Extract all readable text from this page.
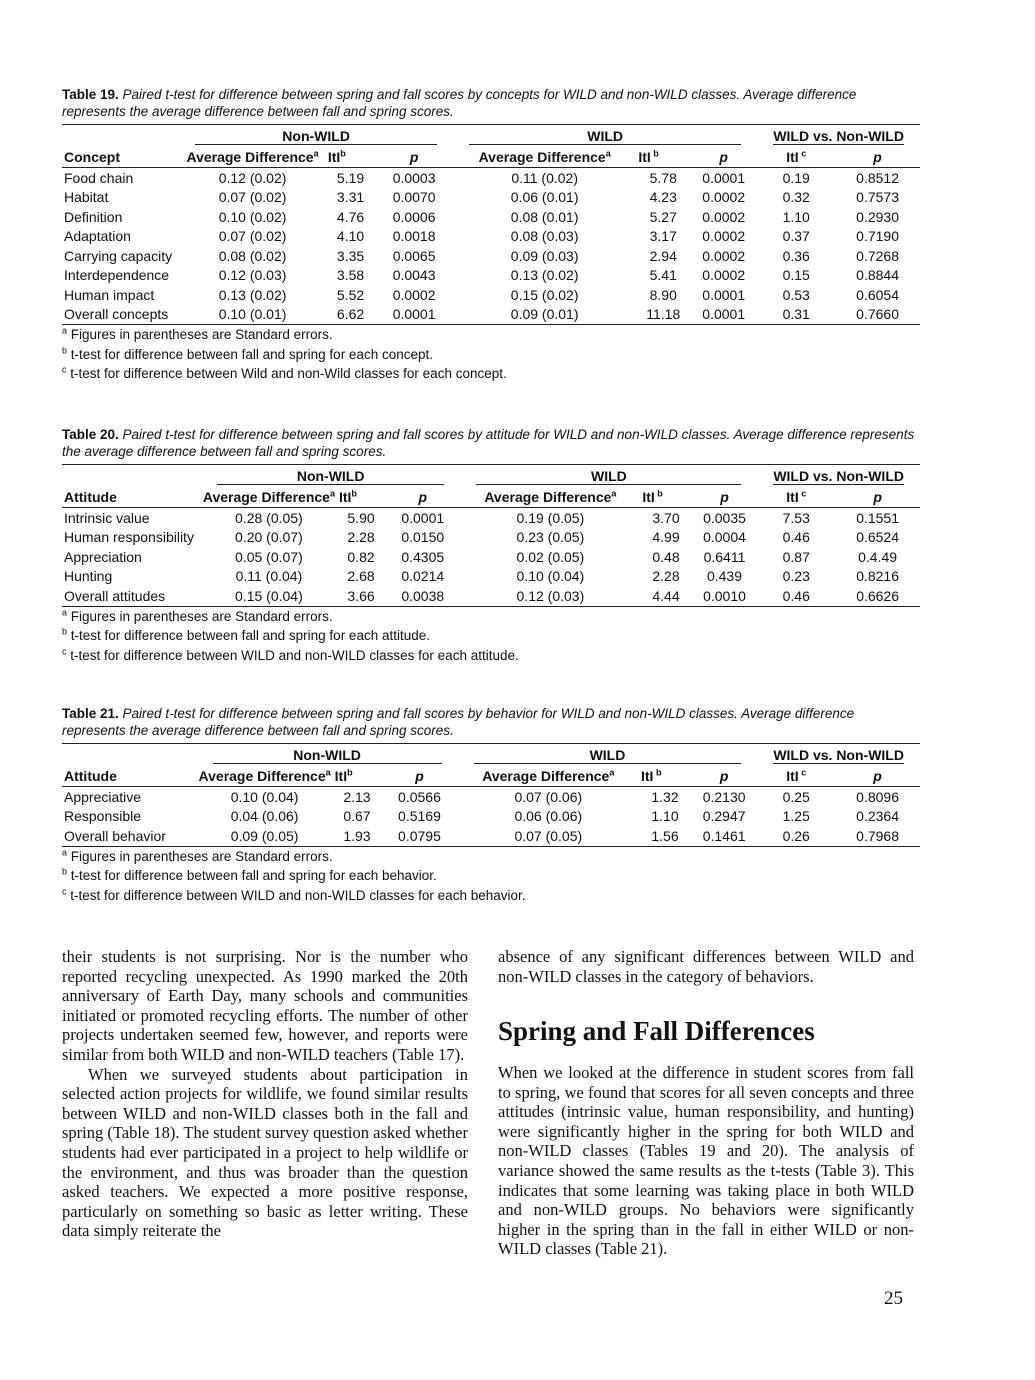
Table 19. Paired t-test for difference between spring and fall scores by concepts for WILD and non-WILD classes. Average difference represents the average difference between fall and spring scores.

	Non-WILD			WILD			WILD vs. Non-WILD	

Concept	Average Difference$^a$	ItI$^b$	p	Average Difference$^a$	ItI $^b$	p	ItI $^c$	p
Food chain	0.12 (0.02)	5.19	0.0003	0.11 (0.02)	5.78	0.0001	0.19	0.8512
Habitat	0.07 (0.02)	3.31	0.0070	0.06 (0.01)	4.23	0.0002	0.32	0.7573
Definition	0.10 (0.02)	4.76	0.0006	0.08 (0.01)	5.27	0.0002	1.10	0.2930
Adaptation	0.07 (0.02)	4.10	0.0018	0.08 (0.03)	3.17	0.0002	0.37	0.7190
Carrying capacity	0.08 (0.02)	3.35	0.0065	0.09 (0.03)	2.94	0.0002	0.36	0.7268
Interdependence	0.12 (0.03)	3.58	0.0043	0.13 (0.02)	5.41	0.0002	0.15	0.8844
Human impact	0.13 (0.02)	5.52	0.0002	0.15 (0.02)	8.90	0.0001	0.53	0.6054
Overall concepts	0.10 (0.01)	6.62	0.0001	0.09 (0.01)	11.18	0.0001	0.31	0.7660
$^a$ Figures in parentheses are Standard errors.
$^b$ t-test for difference between fall and spring for each concept.
$^c$ t-test for difference between Wild and non-Wild classes for each concept.
Table 20. Paired t-test for difference between spring and fall scores by attitude for WILD and non-WILD classes. Average difference represents the average difference between fall and spring scores.

	Non-WILD			WILD			WILD vs. Non-WILD	

Attitude	Average Difference$^a$	ItI$^b$	p	Average Difference$^a$	ItI $^b$	p	ItI $^c$	p
Intrinsic value	0.28 (0.05)	5.90	0.0001	0.19 (0.05)	3.70	0.0035	7.53	0.1551
Human responsibility	0.20 (0.07)	2.28	0.0150	0.23 (0.05)	4.99	0.0004	0.46	0.6524
Appreciation	0.05 (0.07)	0.82	0.4305	0.02 (0.05)	0.48	0.6411	0.87	0.4.49
Hunting	0.11 (0.04)	2.68	0.0214	0.10 (0.04)	2.28	0.439	0.23	0.8216
Overall attitudes	0.15 (0.04)	3.66	0.0038	0.12 (0.03)	4.44	0.0010	0.46	0.6626
$^a$ Figures in parentheses are Standard errors.
$^b$ t-test for difference between fall and spring for each attitude.
$^c$ t-test for difference between WILD and non-WILD classes for each attitude.
Table 21. Paired t-test for difference between spring and fall scores by behavior for WILD and non-WILD classes. Average difference represents the average difference between fall and spring scores.

	Non-WILD			WILD			WILD vs. Non-WILD	

Attitude	Average Difference$^a$	ItI$^b$	p	Average Difference$^a$	ItI $^b$	p	ItI $^c$	p
Appreciative	0.10 (0.04)	2.13	0.0566	0.07 (0.06)	1.32	0.2130	0.25	0.8096
Responsible	0.04 (0.06)	0.67	0.5169	0.06 (0.06)	1.10	0.2947	1.25	0.2364
Overall behavior	0.09 (0.05)	1.93	0.0795	0.07 (0.05)	1.56	0.1461	0.26	0.7968
$^a$ Figures in parentheses are Standard errors.
$^b$ t-test for difference between fall and spring for each behavior.
$^c$ t-test for difference between WILD and non-WILD classes for each behavior.

their students is not surprising. Nor is the number who reported recycling unexpected. As 1990 marked the 20th anniversary of Earth Day, many schools and communities initiated or promoted recycling efforts. The number of other projects undertaken seemed few, however, and reports were similar from both WILD and non-WILD teachers (Table 17).

When we surveyed students about participation in selected action projects for wildlife, we found similar results between WILD and non-WILD classes both in the fall and spring (Table 18). The student survey question asked whether students had ever participated in a project to help wildlife or the environment, and thus was broader than the question asked teachers. We expected a more positive response, particularly on something so basic as letter writing. These data simply reiterate the

absence of any significant differences between WILD and non-WILD classes in the category of behaviors.

Spring and Fall Differences

When we looked at the difference in student scores from fall to spring, we found that scores for all seven concepts and three attitudes (intrinsic value, human responsibility, and hunting) were significantly higher in the spring for both WILD and non-WILD classes (Tables 19 and 20). The analysis of variance showed the same results as the t-tests (Table 3). This indicates that some learning was taking place in both WILD and non-WILD groups. No behaviors were significantly higher in the spring than in the fall in either WILD or non-WILD classes (Table 21).

25
